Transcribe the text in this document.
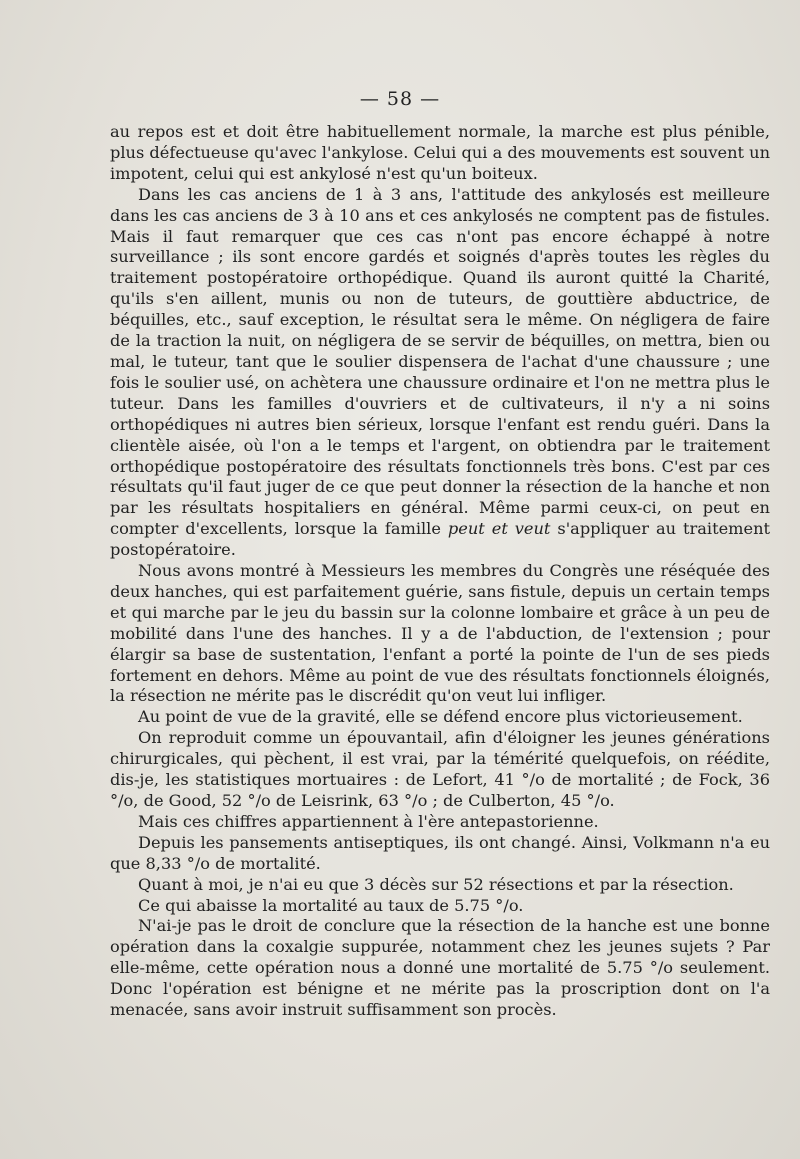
— 58 —

au repos est et doit être habituellement normale, la marche est plus pénible, plus défectueuse qu'avec l'ankylose. Celui qui a des mouvements est souvent un impotent, celui qui est ankylosé n'est qu'un boiteux.

Dans les cas anciens de 1 à 3 ans, l'attitude des ankylosés est meilleure dans les cas anciens de 3 à 10 ans et ces ankylosés ne comptent pas de fistules. Mais il faut remarquer que ces cas n'ont pas encore échappé à notre surveillance ; ils sont encore gardés et soignés d'après toutes les règles du traitement postopératoire orthopédique. Quand ils auront quitté la Charité, qu'ils s'en aillent, munis ou non de tuteurs, de gouttière abductrice, de béquilles, etc., sauf exception, le résultat sera le même. On négligera de faire de la traction la nuit, on négligera de se servir de béquilles, on mettra, bien ou mal, le tuteur, tant que le soulier dispensera de l'achat d'une chaussure ; une fois le soulier usé, on achètera une chaussure ordinaire et l'on ne mettra plus le tuteur. Dans les familles d'ouvriers et de cultivateurs, il n'y a ni soins orthopédiques ni autres bien sérieux, lorsque l'enfant est rendu guéri. Dans la clientèle aisée, où l'on a le temps et l'argent, on obtiendra par le traitement orthopédique postopératoire des résultats fonctionnels très bons. C'est par ces résultats qu'il faut juger de ce que peut donner la résection de la hanche et non par les résultats hospitaliers en général. Même parmi ceux-ci, on peut en compter d'excellents, lorsque la famille peut et veut s'appliquer au traitement postopératoire.

Nous avons montré à Messieurs les membres du Congrès une réséquée des deux hanches, qui est parfaitement guérie, sans fistule, depuis un certain temps et qui marche par le jeu du bassin sur la colonne lombaire et grâce à un peu de mobilité dans l'une des hanches. Il y a de l'abduction, de l'extension ; pour élargir sa base de sustentation, l'enfant a porté la pointe de l'un de ses pieds fortement en dehors. Même au point de vue des résultats fonctionnels éloignés, la résection ne mérite pas le discrédit qu'on veut lui infliger.

Au point de vue de la gravité, elle se défend encore plus victorieusement.

On reproduit comme un épouvantail, afin d'éloigner les jeunes générations chirurgicales, qui pèchent, il est vrai, par la témérité quelquefois, on réédite, dis-je, les statistiques mortuaires : de Lefort, 41 °/o de mortalité ; de Fock, 36 °/o, de Good, 52 °/o de Leisrink, 63 °/o ; de Culberton, 45 °/o.

Mais ces chiffres appartiennent à l'ère antepastorienne.

Depuis les pansements antiseptiques, ils ont changé. Ainsi, Volkmann n'a eu que 8,33 °/o de mortalité.

Quant à moi, je n'ai eu que 3 décès sur 52 résections et par la résection.

Ce qui abaisse la mortalité au taux de 5.75 °/o.

N'ai-je pas le droit de conclure que la résection de la hanche est une bonne opération dans la coxalgie suppurée, notamment chez les jeunes sujets ? Par elle-même, cette opération nous a donné une mortalité de 5.75 °/o seulement. Donc l'opération est bénigne et ne mérite pas la proscription dont on l'a menacée, sans avoir instruit suffisamment son procès.
